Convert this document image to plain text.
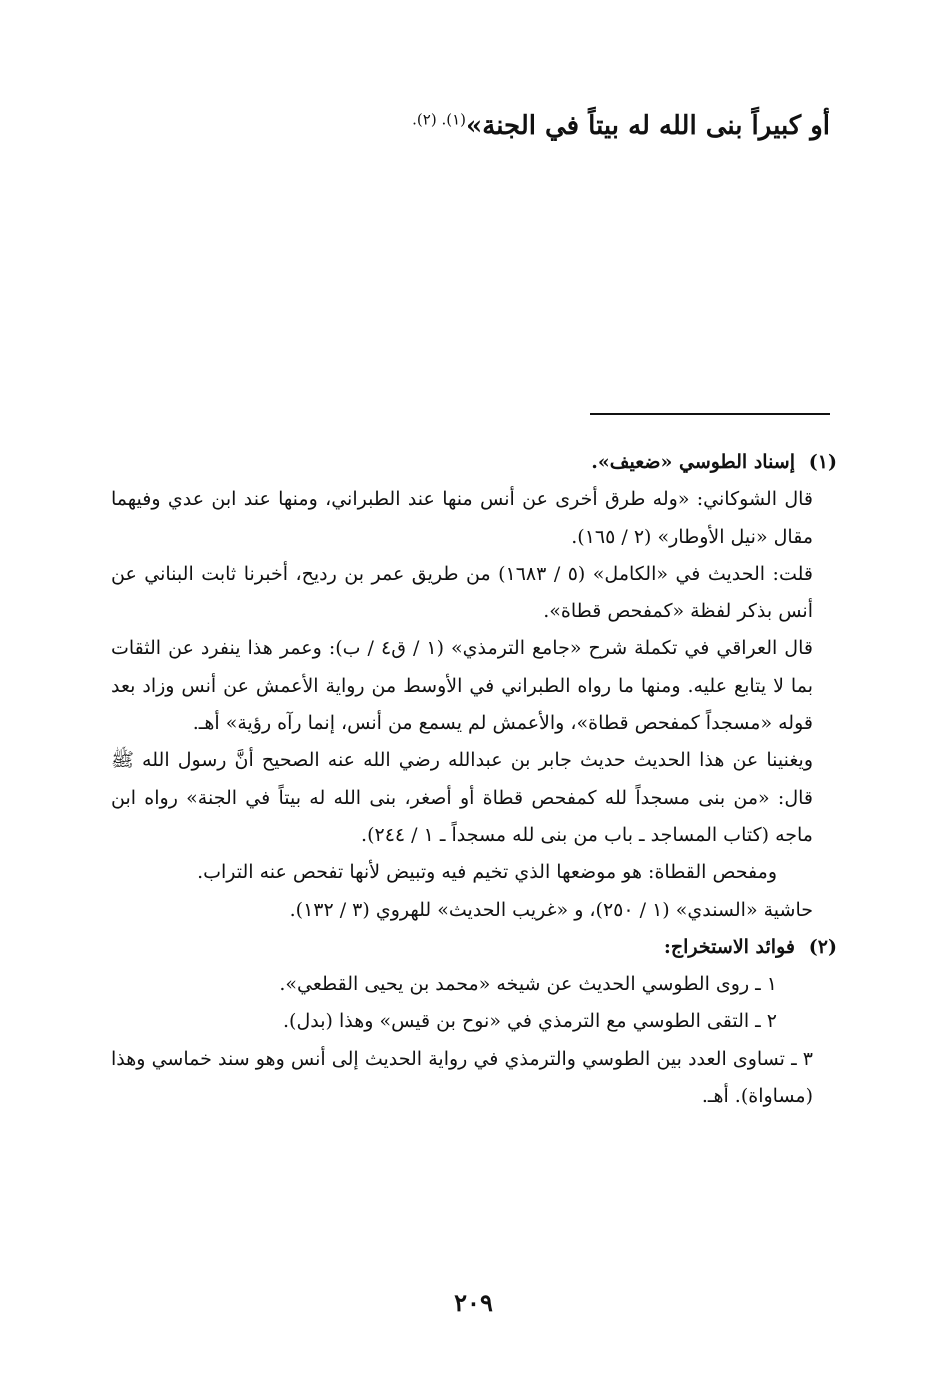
أو كبيراً بنى الله له بيتاً في الجنة»$^{(١). (٢).}$
(١)إسناد الطوسي «ضعيف».
قال الشوكاني: «وله طرق أخرى عن أنس منها عند الطبراني، ومنها عند ابن عدي وفيهما مقال «نيل الأوطار» (٢ / ١٦٥).
قلت: الحديث في «الكامل» (٥ / ١٦٨٣) من طريق عمر بن رديح، أخبرنا ثابت البناني عن أنس بذكر لفظة «كمفحص قطاة».
قال العراقي في تكملة شرح «جامع الترمذي» (١ / ق٤ / ب): وعمر هذا ينفرد عن الثقات بما لا يتابع عليه. ومنها ما رواه الطبراني في الأوسط من رواية الأعمش عن أنس وزاد بعد قوله «مسجداً كمفحص قطاة»، والأعمش لم يسمع من أنس، إنما رآه رؤية» أهـ.
ويغنينا عن هذا الحديث حديث جابر بن عبدالله رضي الله عنه الصحيح أنَّ رسول الله ﷺ قال: «من بنى مسجداً لله كمفحص قطاة أو أصغر، بنى الله له بيتاً في الجنة» رواه ابن ماجه (كتاب المساجد ـ باب من بنى لله مسجداً ـ ١ / ٢٤٤).
ومفحص القطاة: هو موضعها الذي تخيم فيه وتبيض لأنها تفحص عنه التراب.
حاشية «السندي» (١ / ٢٥٠)، و «غريب الحديث» للهروي (٣ / ١٣٢).
(٢)فوائد الاستخراج:
١ ـ روى الطوسي الحديث عن شيخه «محمد بن يحيى القطعي».
٢ ـ التقى الطوسي مع الترمذي في «نوح بن قيس» وهذا (بدل).
٣ ـ تساوى العدد بين الطوسي والترمذي في رواية الحديث إلى أنس وهو سند خماسي وهذا (مساواة). أهـ.
٢٠٩
